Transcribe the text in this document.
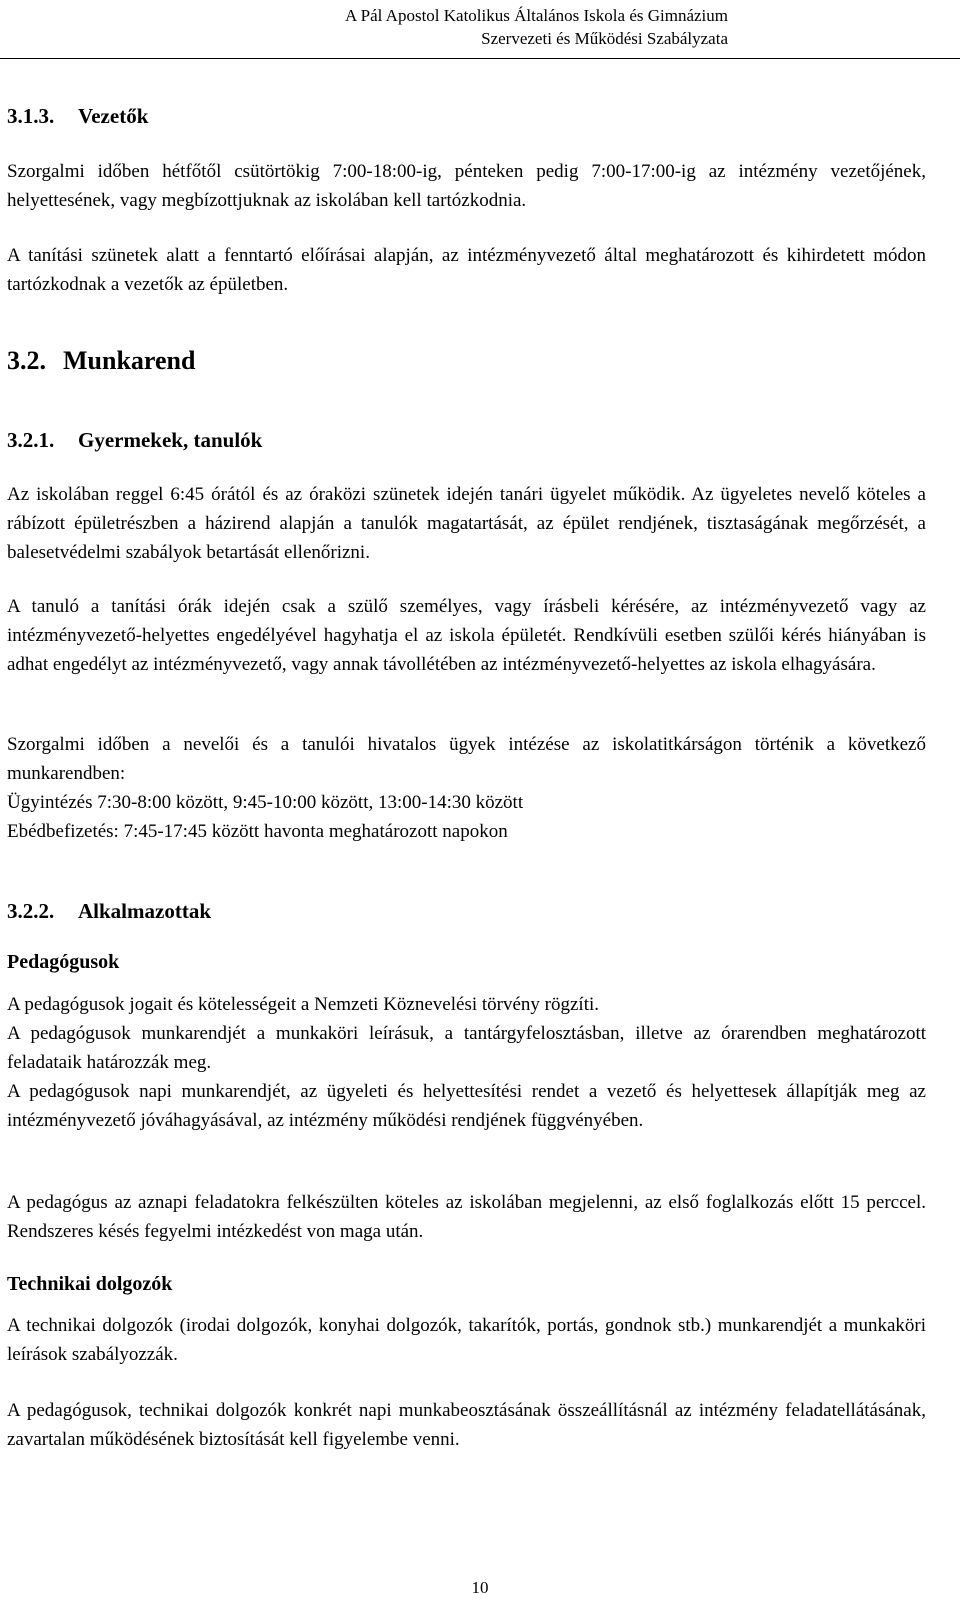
A Pál Apostol Katolikus Általános Iskola és Gimnázium
Szervezeti és Működési Szabályzata
3.1.3. Vezetők

Szorgalmi időben hétfőtől csütörtökig 7:00-18:00-ig, pénteken pedig 7:00-17:00-ig az intézmény vezetőjének, helyettesének, vagy megbízottjuknak az iskolában kell tartózkodnia.

A tanítási szünetek alatt a fenntartó előírásai alapján, az intézményvezető által meghatározott és kihirdetett módon tartózkodnak a vezetők az épületben.

3.2. Munkarend
3.2.1. Gyermekek, tanulók

Az iskolában reggel 6:45 órától és az óraközi szünetek idején tanári ügyelet működik. Az ügyeletes nevelő köteles a rábízott épületrészben a házirend alapján a tanulók magatartását, az épület rendjének, tisztaságának megőrzését, a balesetvédelmi szabályok betartását ellenőrizni.

A tanuló a tanítási órák idején csak a szülő személyes, vagy írásbeli kérésére, az intézményvezető vagy az intézményvezető-helyettes engedélyével hagyhatja el az iskola épületét. Rendkívüli esetben szülői kérés hiányában is adhat engedélyt az intézményvezető, vagy annak távollétében az intézményvezető-helyettes az iskola elhagyására.

Szorgalmi időben a nevelői és a tanulói hivatalos ügyek intézése az iskolatitkárságon történik a következő munkarendben:

Ügyintézés 7:30-8:00 között, 9:45-10:00 között, 13:00-14:30 között

Ebédbefizetés: 7:45-17:45 között havonta meghatározott napokon

3.2.2. Alkalmazottak
Pedagógusok

A pedagógusok jogait és kötelességeit a Nemzeti Köznevelési törvény rögzíti.

A pedagógusok munkarendjét a munkaköri leírásuk, a tantárgyfelosztásban, illetve az órarendben meghatározott feladataik határozzák meg.

A pedagógusok napi munkarendjét, az ügyeleti és helyettesítési rendet a vezető és helyettesek állapítják meg az intézményvezető jóváhagyásával, az intézmény működési rendjének függvényében.

A pedagógus az aznapi feladatokra felkészülten köteles az iskolában megjelenni, az első foglalkozás előtt 15 perccel. Rendszeres késés fegyelmi intézkedést von maga után.

Technikai dolgozók

A technikai dolgozók (irodai dolgozók, konyhai dolgozók, takarítók, portás, gondnok stb.) munkarendjét a munkaköri leírások szabályozzák.

A pedagógusok, technikai dolgozók konkrét napi munkabeosztásának összeállításnál az intézmény feladatellátásának, zavartalan működésének biztosítását kell figyelembe venni.

10
